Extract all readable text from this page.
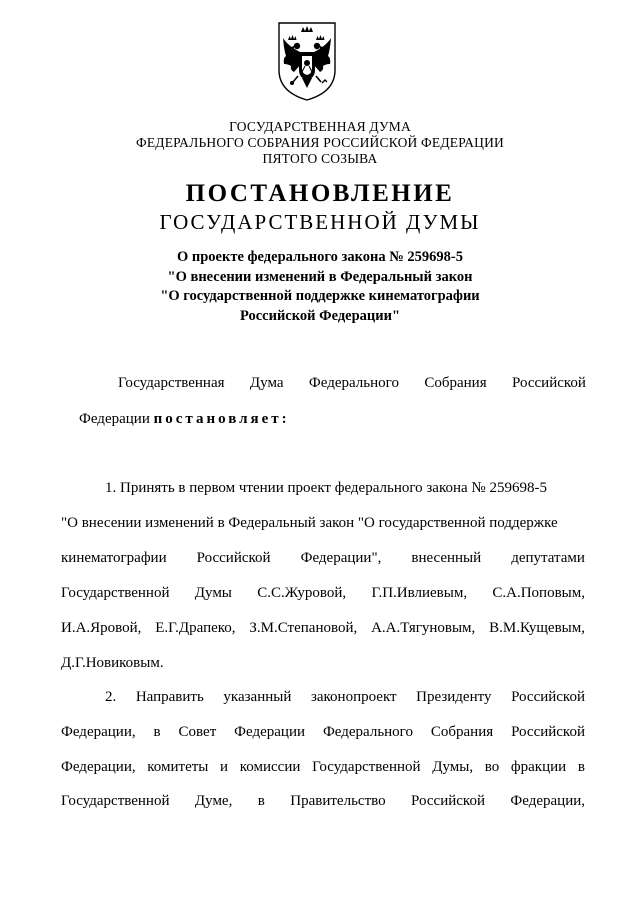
ГОСУДАРСТВЕННАЯ ДУМА
ФЕДЕРАЛЬНОГО СОБРАНИЯ РОССИЙСКОЙ ФЕДЕРАЦИИ
ПЯТОГО СОЗЫВА
ПОСТАНОВЛЕНИЕ
ГОСУДАРСТВЕННОЙ ДУМЫ
О проекте федерального закона № 259698-5
"О внесении изменений в Федеральный закон
"О государственной поддержке кинематографии
Российской Федерации"
Государственная Дума Федерального Собрания Российской
Федерации постановляет:
1. Принять в первом чтении проект федерального закона № 259698-5
"О внесении изменений в Федеральный закон "О государственной поддержке
кинематографии Российской Федерации", внесенный депутатами
Государственной Думы С.С.Журовой, Г.П.Ивлиевым, С.А.Поповым,
И.А.Яровой, Е.Г.Драпеко, З.М.Степановой, А.А.Тягуновым, В.М.Кущевым,
Д.Г.Новиковым.
2. Направить указанный законопроект Президенту Российской
Федерации, в Совет Федерации Федерального Собрания Российской
Федерации, комитеты и комиссии Государственной Думы, во фракции в
Государственной Думе, в Правительство Российской Федерации,
